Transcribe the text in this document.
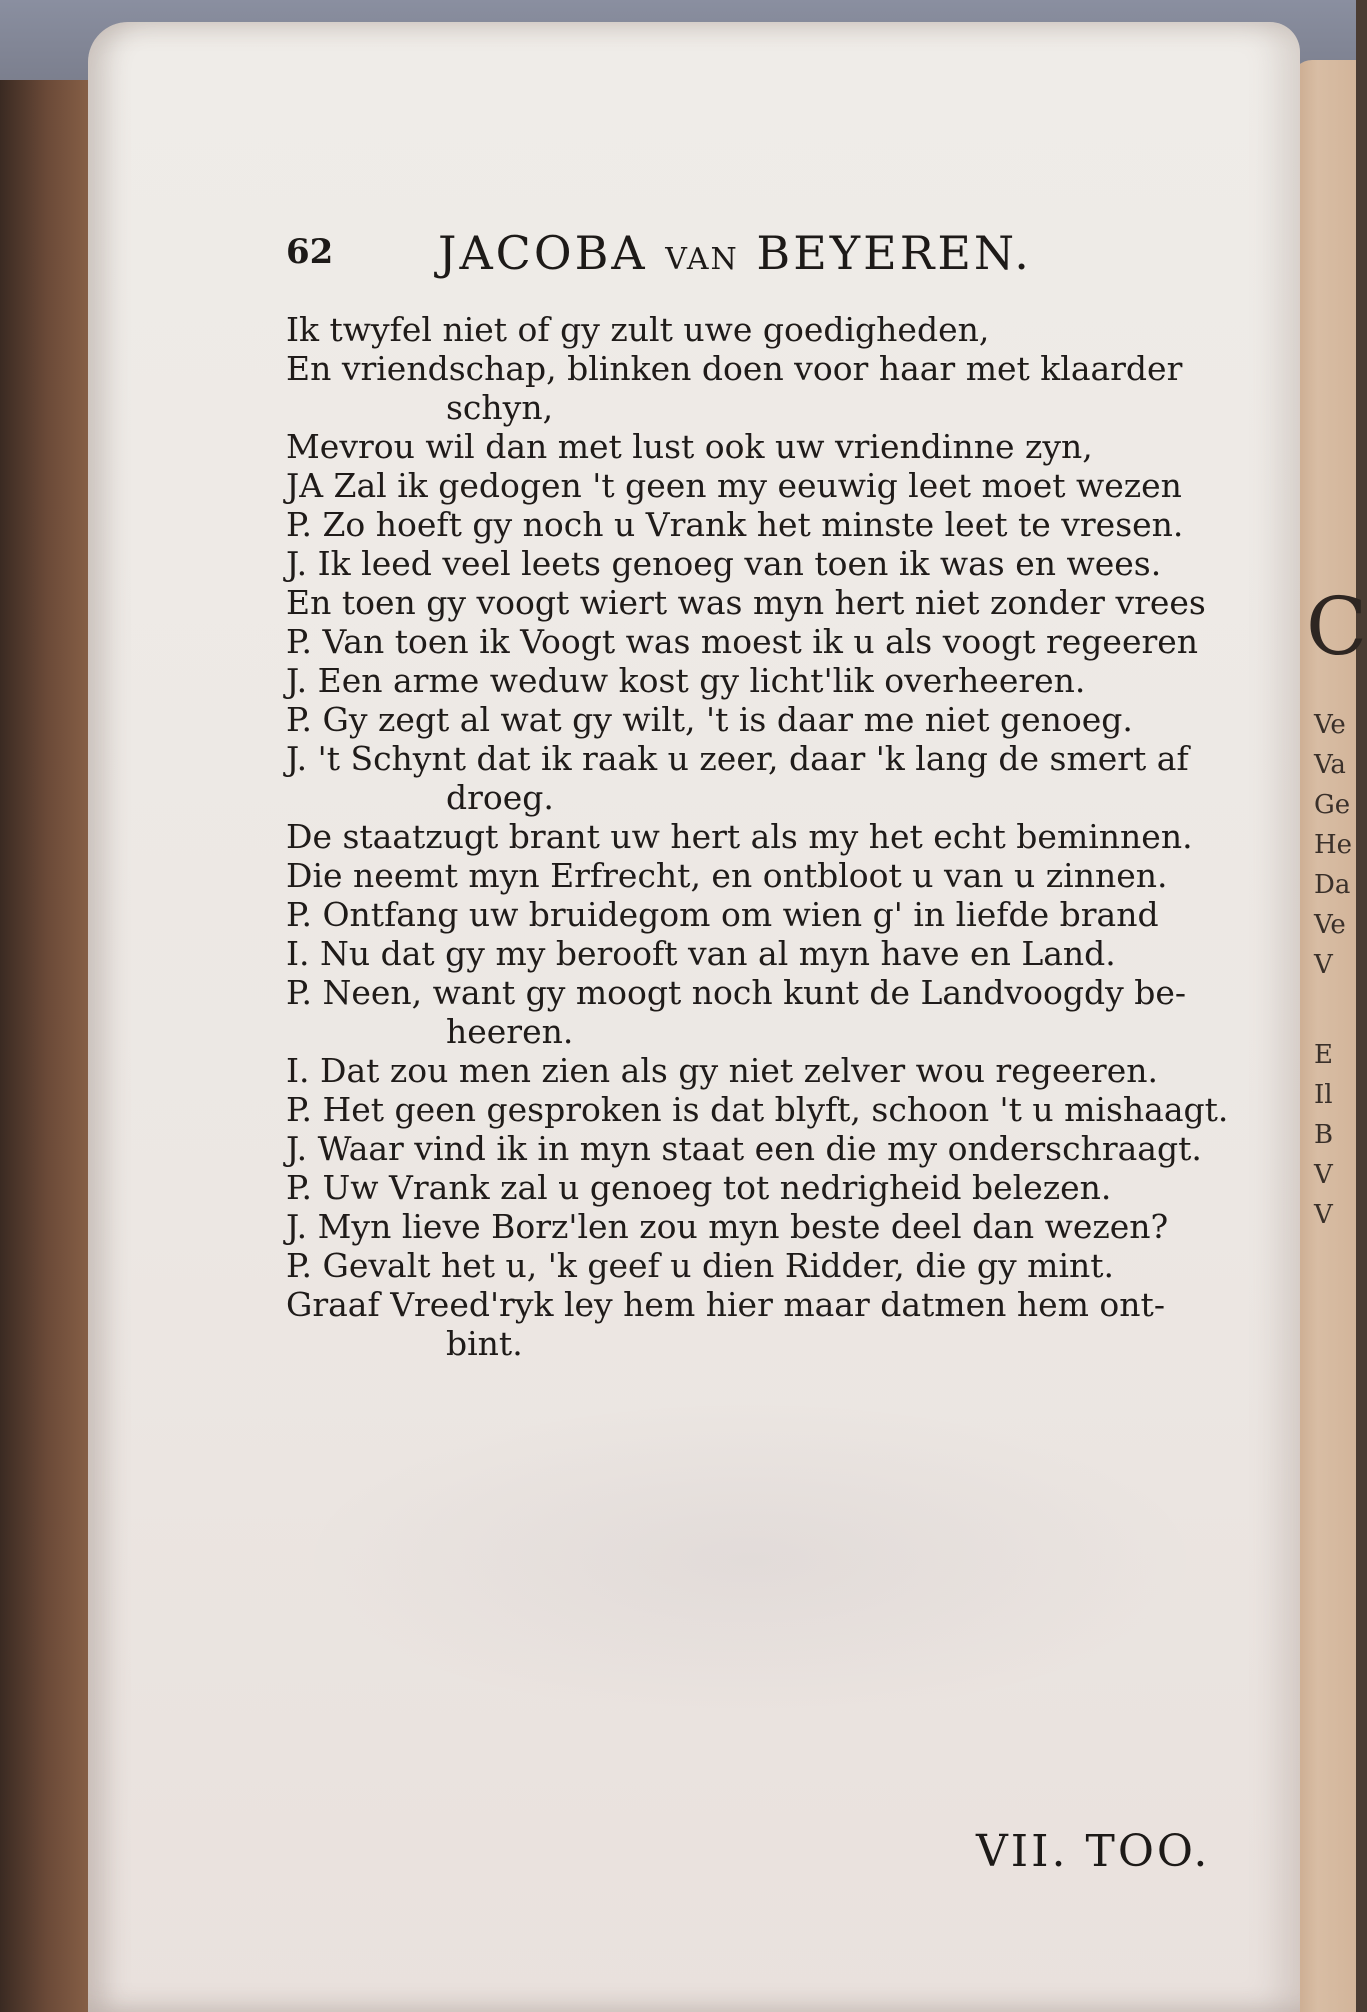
C
Ve
Va
Ge
He
Da
Ve
V
E
Il
B
V
V
62 JACOBA VAN BEYEREN.
Ik twyfel niet of gy zult uwe goedigheden,
En vriendschap, blinken doen voor haar met klaarder
schyn,
Mevrou wil dan met lust ook uw vriendinne zyn,
JA Zal ik gedogen 't geen my eeuwig leet moet wezen
P. Zo hoeft gy noch u Vrank het minste leet te vresen.
J. Ik leed veel leets genoeg van toen ik was en wees.
En toen gy voogt wiert was myn hert niet zonder vrees
P. Van toen ik Voogt was moest ik u als voogt regeeren
J. Een arme weduw kost gy licht'lik overheeren.
P. Gy zegt al wat gy wilt, 't is daar me niet genoeg.
J. 't Schynt dat ik raak u zeer, daar 'k lang de smert af
droeg.
De staatzugt brant uw hert als my het echt beminnen.
Die neemt myn Erfrecht, en ontbloot u van u zinnen.
P. Ontfang uw bruidegom om wien g' in liefde brand
I. Nu dat gy my berooft van al myn have en Land.
P. Neen, want gy moogt noch kunt de Landvoogdy be-
heeren.
I. Dat zou men zien als gy niet zelver wou regeeren.
P. Het geen gesproken is dat blyft, schoon 't u mishaagt.
J. Waar vind ik in myn staat een die my onderschraagt.
P. Uw Vrank zal u genoeg tot nedrigheid belezen.
J. Myn lieve Borz'len zou myn beste deel dan wezen?
P. Gevalt het u, 'k geef u dien Ridder, die gy mint.
Graaf Vreed'ryk ley hem hier maar datmen hem ont-
bint.
VII. TOO.
